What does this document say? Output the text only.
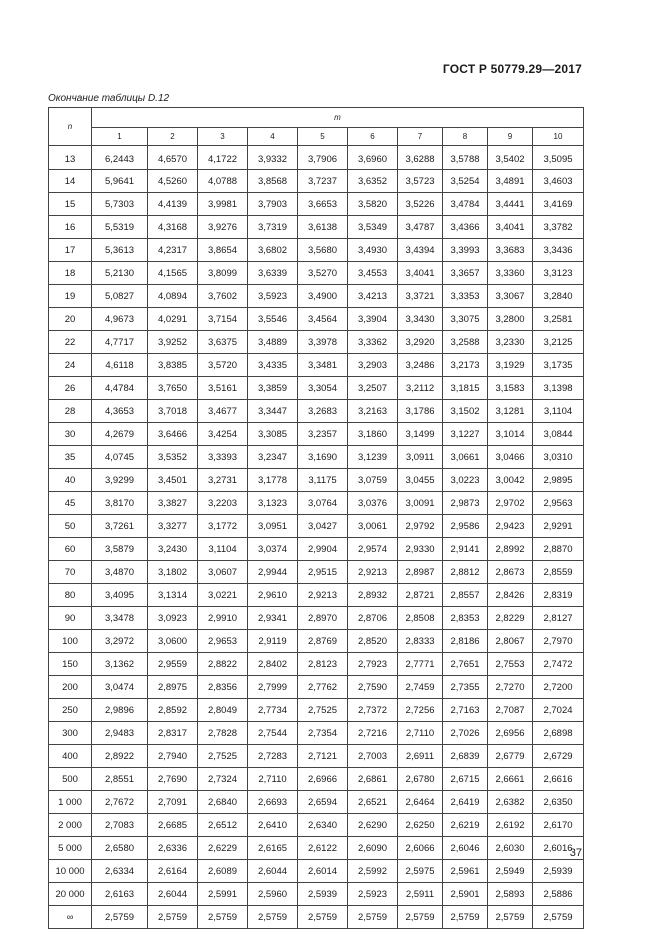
ГОСТ Р 50779.29—2017
Окончание таблицы D.12
n	m									
	1	2	3	4	5	6	7	8	9	10
13	6,2443	4,6570	4,1722	3,9332	3,7906	3,6960	3,6288	3,5788	3,5402	3,5095
14	5,9641	4,5260	4,0788	3,8568	3,7237	3,6352	3,5723	3,5254	3,4891	3,4603
15	5,7303	4,4139	3,9981	3,7903	3,6653	3,5820	3,5226	3,4784	3,4441	3,4169
16	5,5319	4,3168	3,9276	3,7319	3,6138	3,5349	3,4787	3,4366	3,4041	3,3782
17	5,3613	4,2317	3,8654	3,6802	3,5680	3,4930	3,4394	3,3993	3,3683	3,3436
18	5,2130	4,1565	3,8099	3,6339	3,5270	3,4553	3,4041	3,3657	3,3360	3,3123
19	5,0827	4,0894	3,7602	3,5923	3,4900	3,4213	3,3721	3,3353	3,3067	3,2840
20	4,9673	4,0291	3,7154	3,5546	3,4564	3,3904	3,3430	3,3075	3,2800	3,2581
22	4,7717	3,9252	3,6375	3,4889	3,3978	3,3362	3,2920	3,2588	3,2330	3,2125
24	4,6118	3,8385	3,5720	3,4335	3,3481	3,2903	3,2486	3,2173	3,1929	3,1735
26	4,4784	3,7650	3,5161	3,3859	3,3054	3,2507	3,2112	3,1815	3,1583	3,1398
28	4,3653	3,7018	3,4677	3,3447	3,2683	3,2163	3,1786	3,1502	3,1281	3,1104
30	4,2679	3,6466	3,4254	3,3085	3,2357	3,1860	3,1499	3,1227	3,1014	3,0844
35	4,0745	3,5352	3,3393	3,2347	3,1690	3,1239	3,0911	3,0661	3,0466	3,0310
40	3,9299	3,4501	3,2731	3,1778	3,1175	3,0759	3,0455	3,0223	3,0042	2,9895
45	3,8170	3,3827	3,2203	3,1323	3,0764	3,0376	3,0091	2,9873	2,9702	2,9563
50	3,7261	3,3277	3,1772	3,0951	3,0427	3,0061	2,9792	2,9586	2,9423	2,9291
60	3,5879	3,2430	3,1104	3,0374	2,9904	2,9574	2,9330	2,9141	2,8992	2,8870
70	3,4870	3,1802	3,0607	2,9944	2,9515	2,9213	2,8987	2,8812	2,8673	2,8559
80	3,4095	3,1314	3,0221	2,9610	2,9213	2,8932	2,8721	2,8557	2,8426	2,8319
90	3,3478	3,0923	2,9910	2,9341	2,8970	2,8706	2,8508	2,8353	2,8229	2,8127
100	3,2972	3,0600	2,9653	2,9119	2,8769	2,8520	2,8333	2,8186	2,8067	2,7970
150	3,1362	2,9559	2,8822	2,8402	2,8123	2,7923	2,7771	2,7651	2,7553	2,7472
200	3,0474	2,8975	2,8356	2,7999	2,7762	2,7590	2,7459	2,7355	2,7270	2,7200
250	2,9896	2,8592	2,8049	2,7734	2,7525	2,7372	2,7256	2,7163	2,7087	2,7024
300	2,9483	2,8317	2,7828	2,7544	2,7354	2,7216	2,7110	2,7026	2,6956	2,6898
400	2,8922	2,7940	2,7525	2,7283	2,7121	2,7003	2,6911	2,6839	2,6779	2,6729
500	2,8551	2,7690	2,7324	2,7110	2,6966	2,6861	2,6780	2,6715	2,6661	2,6616
1 000	2,7672	2,7091	2,6840	2,6693	2,6594	2,6521	2,6464	2,6419	2,6382	2,6350
2 000	2,7083	2,6685	2,6512	2,6410	2,6340	2,6290	2,6250	2,6219	2,6192	2,6170
5 000	2,6580	2,6336	2,6229	2,6165	2,6122	2,6090	2,6066	2,6046	2,6030	2,6016
10 000	2,6334	2,6164	2,6089	2,6044	2,6014	2,5992	2,5975	2,5961	2,5949	2,5939
20 000	2,6163	2,6044	2,5991	2,5960	2,5939	2,5923	2,5911	2,5901	2,5893	2,5886
∞	2,5759	2,5759	2,5759	2,5759	2,5759	2,5759	2,5759	2,5759	2,5759	2,5759
37
